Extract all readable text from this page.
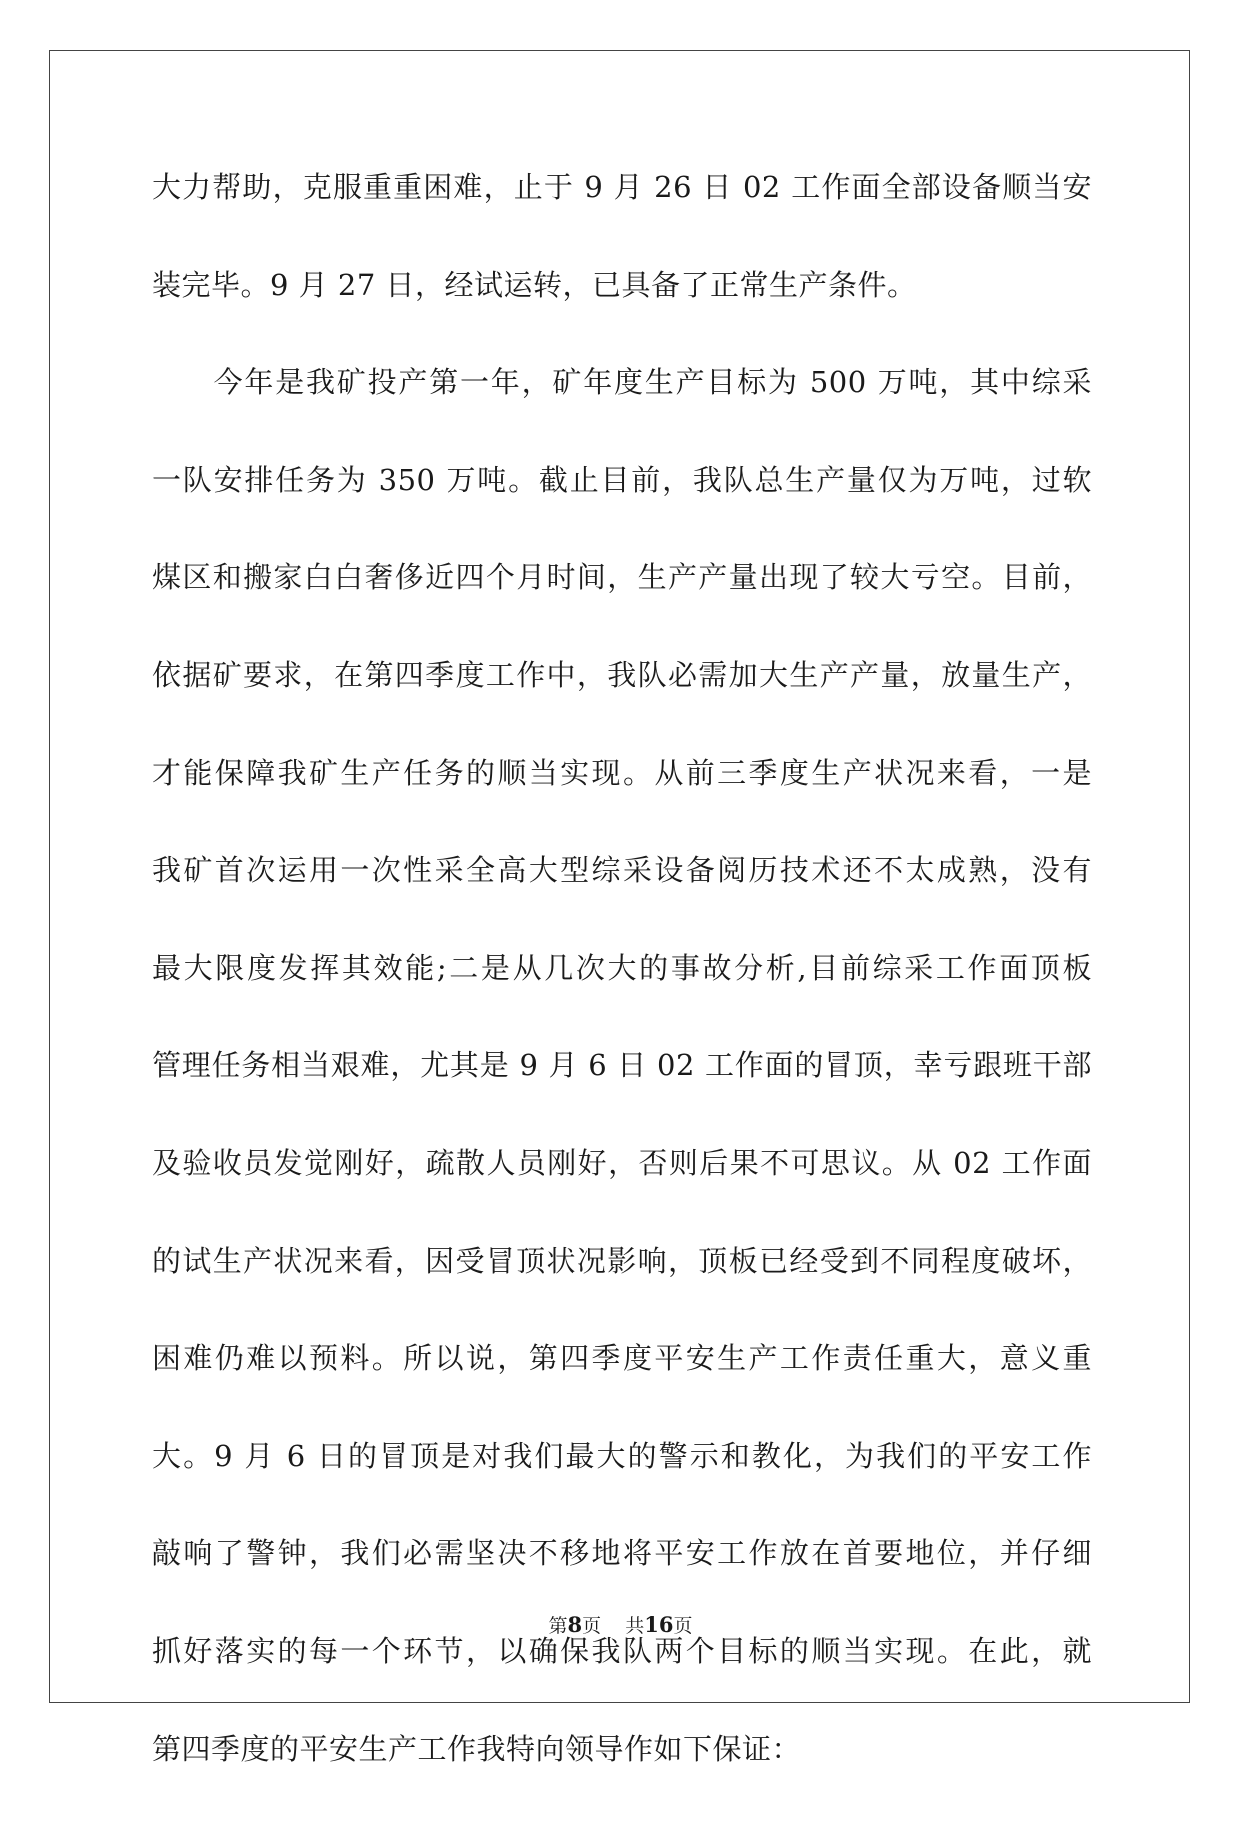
大力帮助，克服重重困难，止于 9 月 26 日 02 工作面全部设备顺当安
装完毕。9 月 27 日，经试运转，已具备了正常生产条件。
　　今年是我矿投产第一年，矿年度生产目标为 500 万吨，其中综采
一队安排任务为 350 万吨。截止目前，我队总生产量仅为万吨，过软
煤区和搬家白白奢侈近四个月时间，生产产量出现了较大亏空。目前，
依据矿要求，在第四季度工作中，我队必需加大生产产量，放量生产，
才能保障我矿生产任务的顺当实现。从前三季度生产状况来看，一是
我矿首次运用一次性采全高大型综采设备阅历技术还不太成熟，没有
最大限度发挥其效能;二是从几次大的事故分析,目前综采工作面顶板
管理任务相当艰难，尤其是 9 月 6 日 02 工作面的冒顶，幸亏跟班干部
及验收员发觉刚好，疏散人员刚好，否则后果不可思议。从 02 工作面
的试生产状况来看，因受冒顶状况影响，顶板已经受到不同程度破坏，
困难仍难以预料。所以说，第四季度平安生产工作责任重大，意义重
大。9 月 6 日的冒顶是对我们最大的警示和教化，为我们的平安工作
敲响了警钟，我们必需坚决不移地将平安工作放在首要地位，并仔细
抓好落实的每一个环节，以确保我队两个目标的顺当实现。在此，就
第四季度的平安生产工作我特向领导作如下保证：
第8页 共16页
